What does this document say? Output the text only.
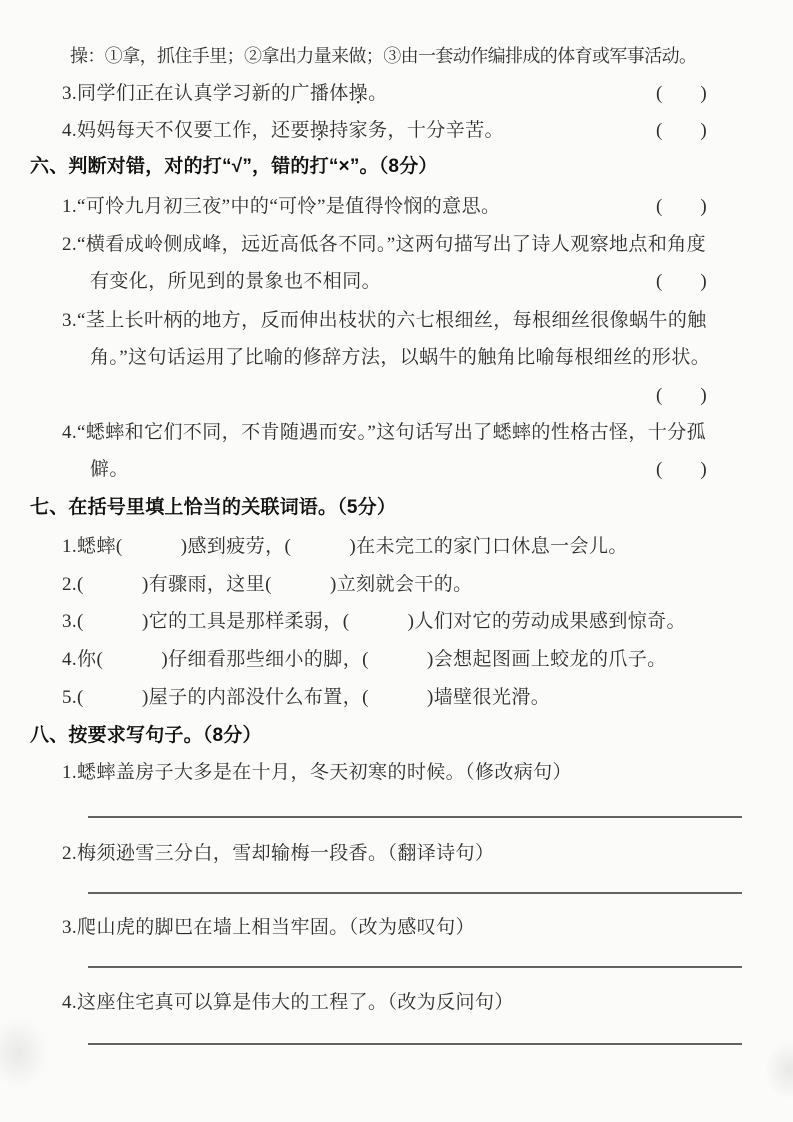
操：①拿，抓住手里；②拿出力量来做；③由一套动作编排成的体育或军事活动。
3.同学们正在认真学习新的广播体操。	(　　)
4.妈妈每天不仅要工作，还要操持家务，十分辛苦。	(　　)
六、判断对错，对的打“√”，错的打“×”。（8分）
1.“可怜九月初三夜”中的“可怜”是值得怜悯的意思。	(　　)
2.“横看成岭侧成峰，远近高低各不同。”这两句描写出了诗人观察地点和角度
有变化，所见到的景象也不相同。	(　　)
3.“茎上长叶柄的地方，反而伸出枝状的六七根细丝，每根细丝很像蜗牛的触
角。”这句话运用了比喻的修辞方法，以蜗牛的触角比喻每根细丝的形状。
(　　)
4.“蟋蟀和它们不同，不肯随遇而安。”这句话写出了蟋蟀的性格古怪，十分孤
僻。	(　　)
七、在括号里填上恰当的关联词语。（5分）
1.蟋蟀(　　　)感到疲劳，(　　　)在未完工的家门口休息一会儿。
2.(　　　)有骤雨，这里(　　　)立刻就会干的。
3.(　　　)它的工具是那样柔弱，(　　　)人们对它的劳动成果感到惊奇。
4.你(　　　)仔细看那些细小的脚，(　　　)会想起图画上蛟龙的爪子。
5.(　　　)屋子的内部没什么布置，(　　　)墙壁很光滑。
八、按要求写句子。（8分）
1.蟋蟀盖房子大多是在十月，冬天初寒的时候。（修改病句）
2.梅须逊雪三分白，雪却输梅一段香。（翻译诗句）
3.爬山虎的脚巴在墙上相当牢固。（改为感叹句）
4.这座住宅真可以算是伟大的工程了。（改为反问句）
